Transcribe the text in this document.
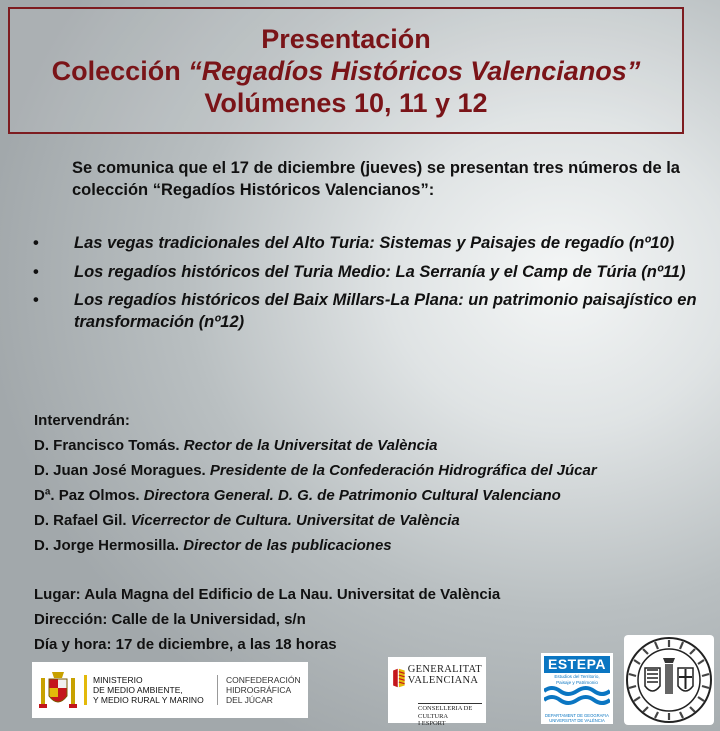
Presentación
Colección “Regadíos Históricos Valencianos”
Volúmenes 10, 11 y 12
Se comunica que el 17 de diciembre (jueves) se presentan tres números de la colección “Regadíos Históricos Valencianos”:
• Las vegas tradicionales del Alto Turia: Sistemas y Paisajes de regadío (nº10)
• Los regadíos históricos del Turia Medio: La Serranía y el Camp de Túria (nº11)
• Los regadíos históricos del Baix Millars-La Plana: un patrimonio paisajístico en transformación (nº12)
Intervendrán:
D. Francisco Tomás. Rector de la Universitat de València
D. Juan José Moragues. Presidente de la Confederación Hidrográfica del Júcar
Dª. Paz Olmos. Directora General. D. G. de Patrimonio Cultural Valenciano
D. Rafael Gil. Vicerrector de Cultura. Universitat de València
D. Jorge Hermosilla. Director de las publicaciones
Lugar: Aula Magna del Edificio de La Nau. Universitat de València
Dirección: Calle de la Universidad, s/n
Día y hora: 17 de diciembre, a las 18 horas
MINISTERIO
DE MEDIO AMBIENTE,
Y MEDIO RURAL Y MARINO
CONFEDERACIÓN
HIDROGRÁFICA
DEL JÚCAR
GENERALITAT
VALENCIANA
CONSELLERIA DE CULTURA
I ESPORT
ESTEPA
Estudios del Territorio,
Paisaje y Patrimonio
DEPARTAMENT DE GEOGRAFIA
UNIVERSITAT DE VALÈNCIA
